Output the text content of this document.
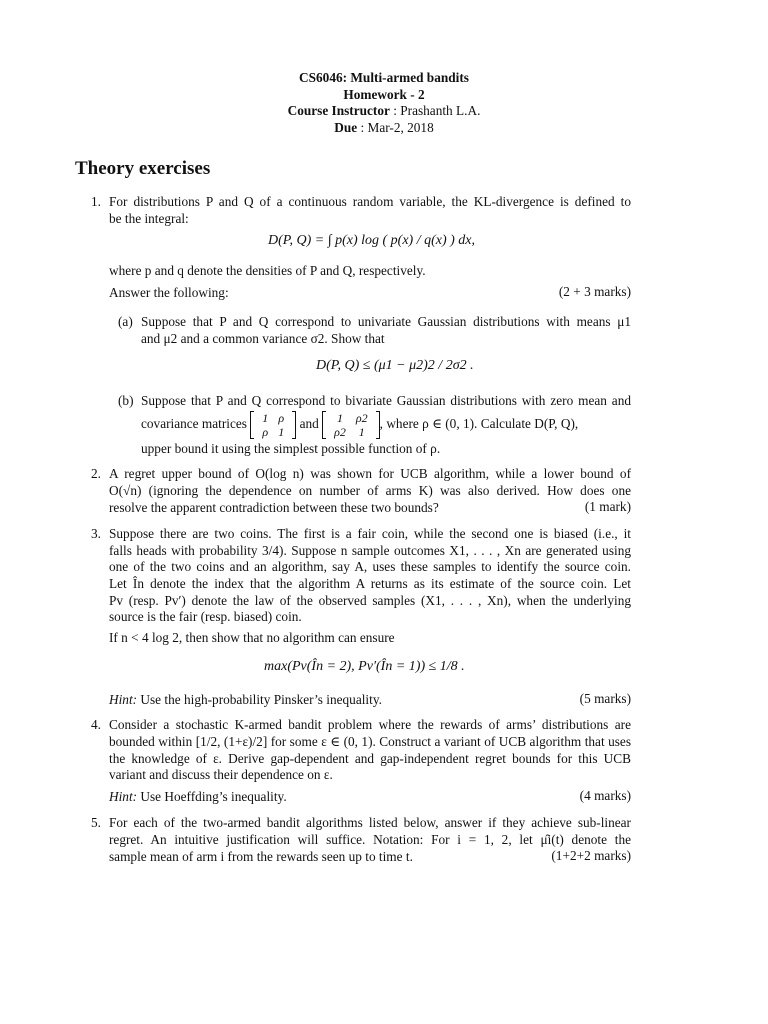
CS6046: Multi-armed bandits
Homework - 2
Course Instructor : Prashanth L.A.
Due : Mar-2, 2018
Theory exercises
1. For distributions P and Q of a continuous random variable, the KL-divergence is defined to
be the integral:
D(P, Q) = ∫ p(x) log ( p(x) / q(x) ) dx,
where p and q denote the densities of P and Q, respectively.
Answer the following:	(2 + 3 marks)
(a) Suppose that P and Q correspond to univariate Gaussian distributions with means μ1
and μ2 and a common variance σ2. Show that
D(P, Q) ≤ (μ1 − μ2)2 / 2σ2 .
(b) Suppose that P and Q correspond to bivariate Gaussian distributions with zero mean and
covariance matrices 1	ρ
ρ	1
and 1	ρ2
ρ2	1
, where ρ ∈ (0, 1). Calculate D(P, Q),
upper bound it using the simplest possible function of ρ.
2. A regret upper bound of O(log n) was shown for UCB algorithm, while a lower bound of
O(√n) (ignoring the dependence on number of arms K) was also derived. How does one
resolve the apparent contradiction between these two bounds?	(1 mark)
3. Suppose there are two coins. The first is a fair coin, while the second one is biased (i.e., it
falls heads with probability 3/4). Suppose n sample outcomes X1, . . . , Xn are generated using
one of the two coins and an algorithm, say A, uses these samples to identify the source coin.
Let În denote the index that the algorithm A returns as its estimate of the source coin. Let
Pv (resp. Pv′) denote the law of the observed samples (X1, . . . , Xn), when the underlying
source is the fair (resp. biased) coin.
If n < 4 log 2, then show that no algorithm can ensure
max(Pv(În = 2), Pv′(În = 1)) ≤ 1/8 .
Hint: Use the high-probability Pinsker’s inequality.	(5 marks)
4. Consider a stochastic K-armed bandit problem where the rewards of arms’ distributions are
bounded within [1/2, (1+ε)/2] for some ε ∈ (0, 1). Construct a variant of UCB algorithm that uses
the knowledge of ε. Derive gap-dependent and gap-independent regret bounds for this UCB
variant and discuss their dependence on ε.
Hint: Use Hoeffding’s inequality.	(4 marks)
5. For each of the two-armed bandit algorithms listed below, answer if they achieve sub-linear
regret. An intuitive justification will suffice. Notation: For i = 1, 2, let μ̂i(t) denote the
sample mean of arm i from the rewards seen up to time t.	(1+2+2 marks)
